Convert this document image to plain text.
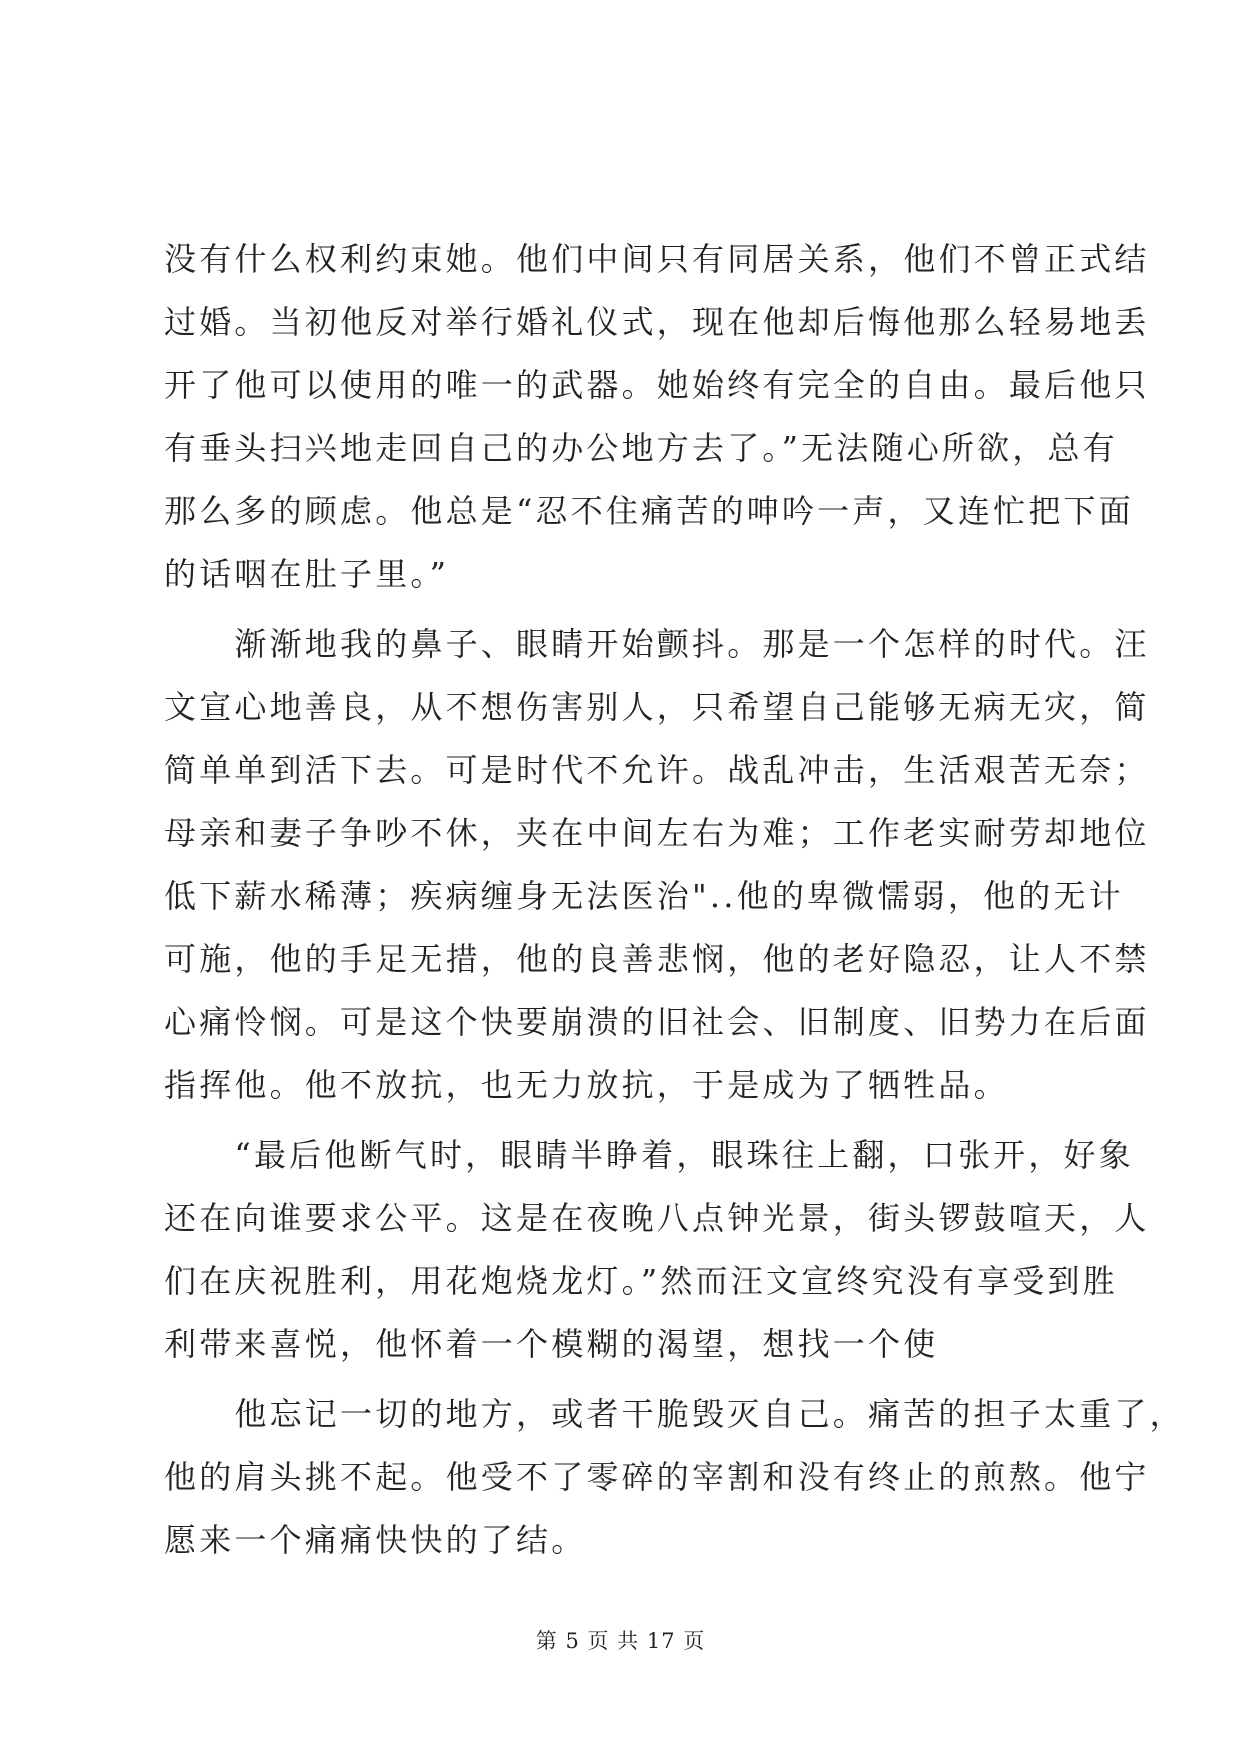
没有什么权利约束她。他们中间只有同居关系，他们不曾正式结
过婚。当初他反对举行婚礼仪式，现在他却后悔他那么轻易地丢
开了他可以使用的唯一的武器。她始终有完全的自由。最后他只
有垂头扫兴地走回自己的办公地方去了。”无法随心所欲，总有
那么多的顾虑。他总是“忍不住痛苦的呻吟一声，又连忙把下面
的话咽在肚子里。”
　　渐渐地我的鼻子、眼睛开始颤抖。那是一个怎样的时代。汪
文宣心地善良，从不想伤害别人，只希望自己能够无病无灾，简
简单单到活下去。可是时代不允许。战乱冲击，生活艰苦无奈；
母亲和妻子争吵不休，夹在中间左右为难；工作老实耐劳却地位
低下薪水稀薄；疾病缠身无法医治"..他的卑微懦弱，他的无计
可施，他的手足无措，他的良善悲悯，他的老好隐忍，让人不禁
心痛怜悯。可是这个快要崩溃的旧社会、旧制度、旧势力在后面
指挥他。他不放抗，也无力放抗，于是成为了牺牲品。
　　“最后他断气时，眼睛半睁着，眼珠往上翻，口张开，好象
还在向谁要求公平。这是在夜晚八点钟光景，街头锣鼓喧天，人
们在庆祝胜利，用花炮烧龙灯。”然而汪文宣终究没有享受到胜
利带来喜悦，他怀着一个模糊的渴望，想找一个使
　　他忘记一切的地方，或者干脆毁灭自己。痛苦的担子太重了，
他的肩头挑不起。他受不了零碎的宰割和没有终止的煎熬。他宁
愿来一个痛痛快快的了结。
第 5 页 共 17 页
